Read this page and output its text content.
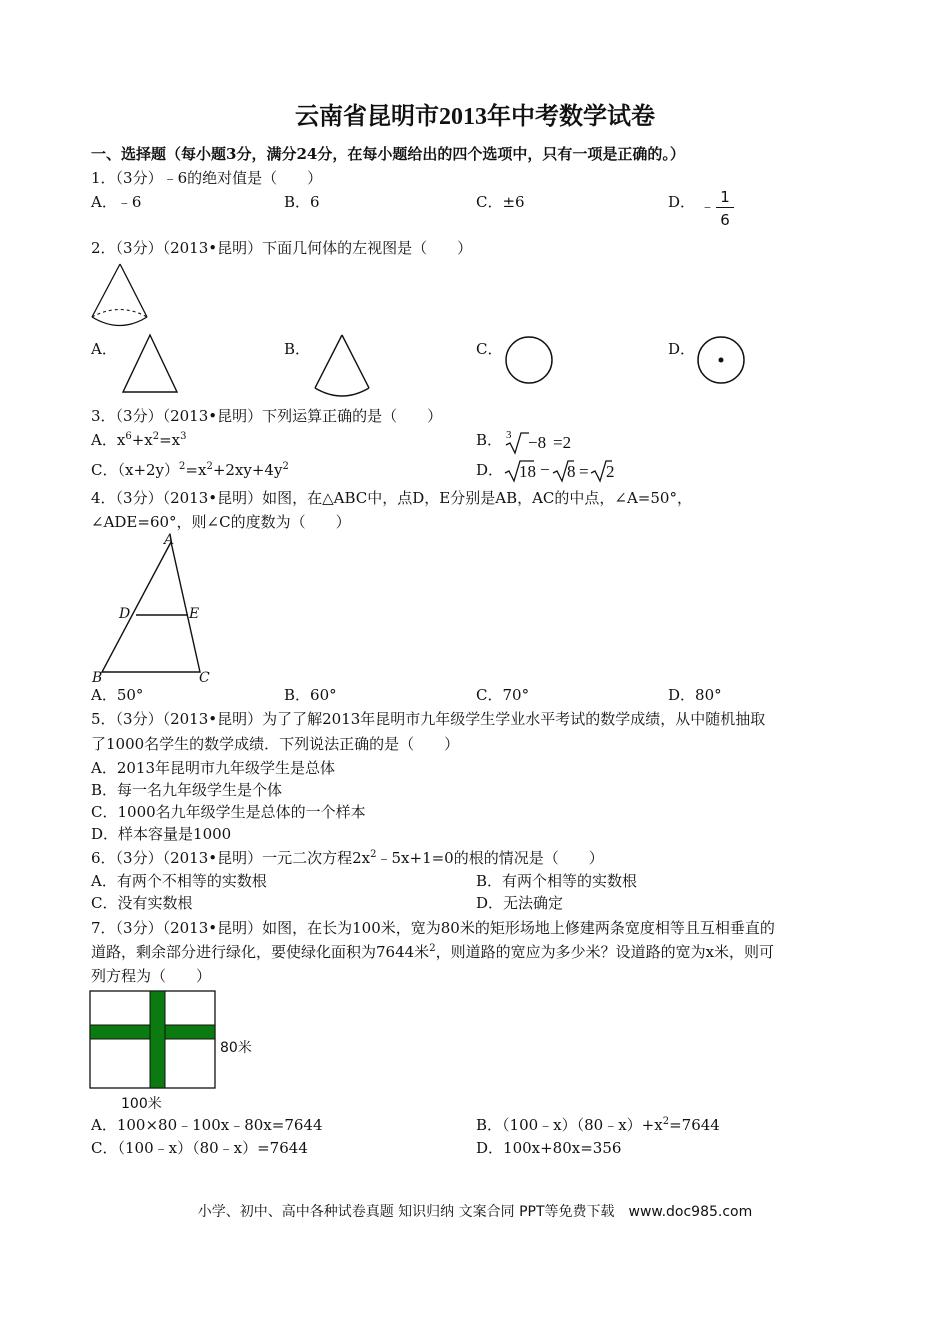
云南省昆明市2013年中考数学试卷
一、选择题（每小题3分，满分24分，在每小题给出的四个选项中，只有一项是正确的。）
1．（3分）﹣6的绝对值是（　　）
A．﹣6	B．6	C．±6	D． ﹣ 1
6
2．（3分）（2013•昆明）下面几何体的左视图是（　　）
A．	B．	C．	D．
3．（3分）（2013•昆明）下列运算正确的是（　　）
A．$x^6+x^2=x^3$	B． 3 −8 =2
C．$(x+2y)^2=x^2+2xy+4y^2$	D． 18 − 8 = 2
4．（3分）（2013•昆明）如图，在△ABC中，点D，E分别是AB，AC的中点，∠A=50°，
∠ADE=60°，则∠C的度数为（　　）
A
D	E
B	C
A．50°	B．60°	C．70°	D．80°
5．（3分）（2013•昆明）为了了解2013年昆明市九年级学生学业水平考试的数学成绩，从中随机抽取
了1000名学生的数学成绩．下列说法正确的是（　　）
A．2013年昆明市九年级学生是总体
B．每一名九年级学生是个体
C．1000名九年级学生是总体的一个样本
D．样本容量是1000
6．（3分）（2013•昆明）一元二次方程$2x^2﹣5x+1=0$的根的情况是（　　）
A．有两个不相等的实数根	B．有两个相等的实数根
C．没有实数根	D．无法确定
7．（3分）（2013•昆明）如图，在长为100米，宽为80米的矩形场地上修建两条宽度相等且互相垂直的
道路，剩余部分进行绿化，要使绿化面积为7644米$^2$，则道路的宽应为多少米？设道路的宽为x米，则可
列方程为（　　）
80米
100米
A．100×80﹣100x﹣80x=7644	B．$(100﹣x)(80﹣x)+x^2=7644$
C．（100﹣x）（80﹣x）=7644	D．100x+80x=356
小学、初中、高中各种试卷真题 知识归纳 文案合同 PPT等免费下载　www.doc985.com
